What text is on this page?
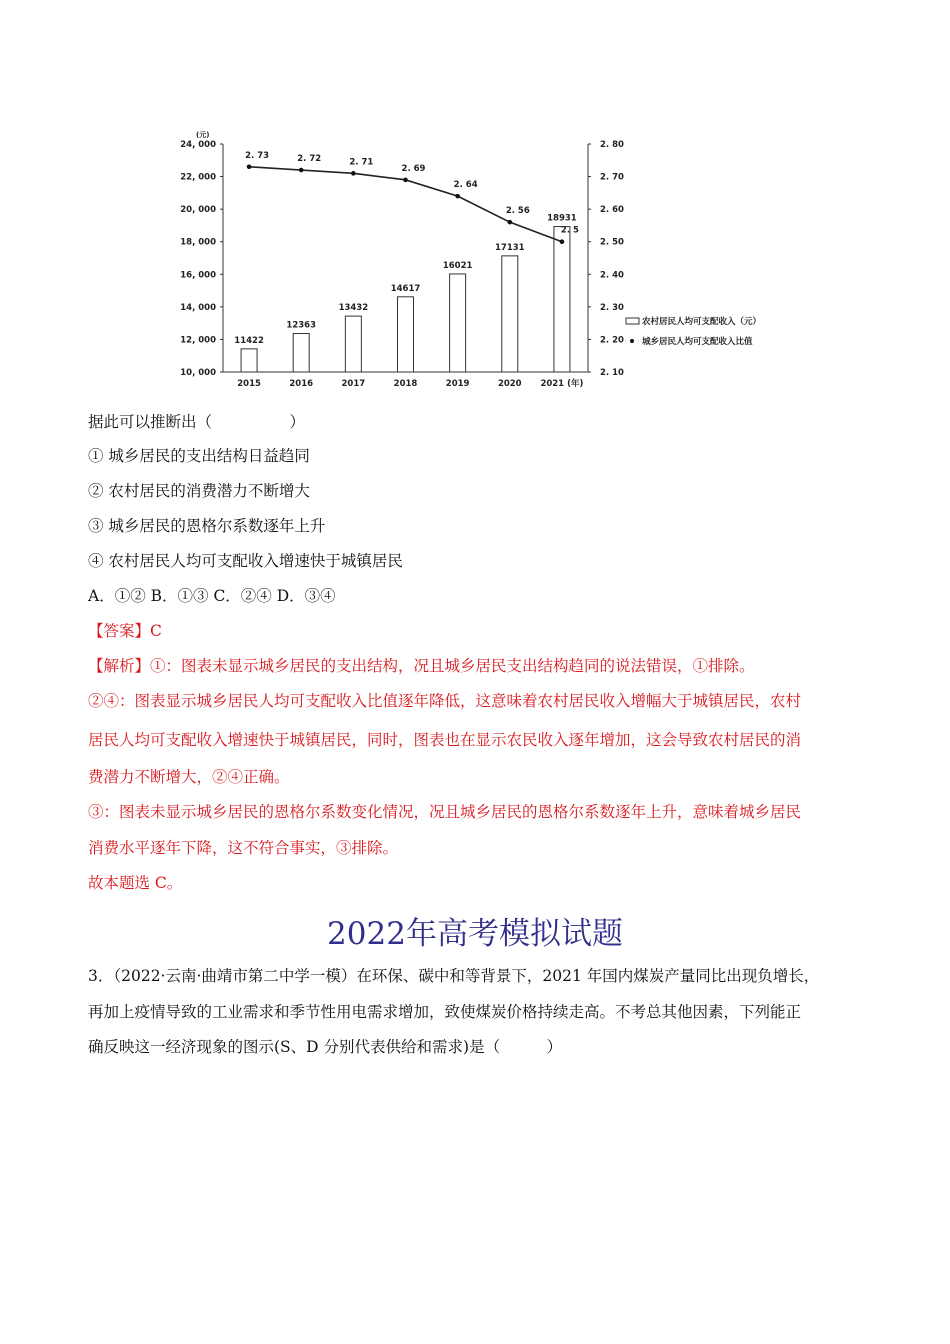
(元)
10, 000
12, 000
14, 000
16, 000
18, 000
20, 000
22, 000
24, 000
2. 10
2. 20
2. 30
2. 40
2. 50
2. 60
2. 70
2. 80
2015	2016	2017	2018	2019	2020 2021 (年)
11422
12363
13432
14617
16021
17131
18931
2. 73	2. 72	2. 71
2. 69
2. 64
2. 56
2. 5
农村居民人均可支配收入（元）
城乡居民人均可支配收入比值
据此可以推断出（　　　　　）
① 城乡居民的支出结构日益趋同
② 农村居民的消费潜力不断增大
③ 城乡居民的恩格尔系数逐年上升
④ 农村居民人均可支配收入增速快于城镇居民
A．①② B．①③ C．②④ D．③④
【答案】C
【解析】①：图表未显示城乡居民的支出结构，况且城乡居民支出结构趋同的说法错误，①排除。
②④：图表显示城乡居民人均可支配收入比值逐年降低，这意味着农村居民收入增幅大于城镇居民，农村
居民人均可支配收入增速快于城镇居民，同时，图表也在显示农民收入逐年增加，这会导致农村居民的消
费潜力不断增大，②④正确。
③：图表未显示城乡居民的恩格尔系数变化情况，况且城乡居民的恩格尔系数逐年上升，意味着城乡居民
消费水平逐年下降，这不符合事实，③排除。
故本题选 C。
2022年高考模拟试题
3．（2022·云南·曲靖市第二中学一模）在环保、碳中和等背景下，2021 年国内煤炭产量同比出现负增长，
再加上疫情导致的工业需求和季节性用电需求增加，致使煤炭价格持续走高。不考总其他因素，下列能正
确反映这一经济现象的图示(S、D 分别代表供给和需求)是（　　　）
